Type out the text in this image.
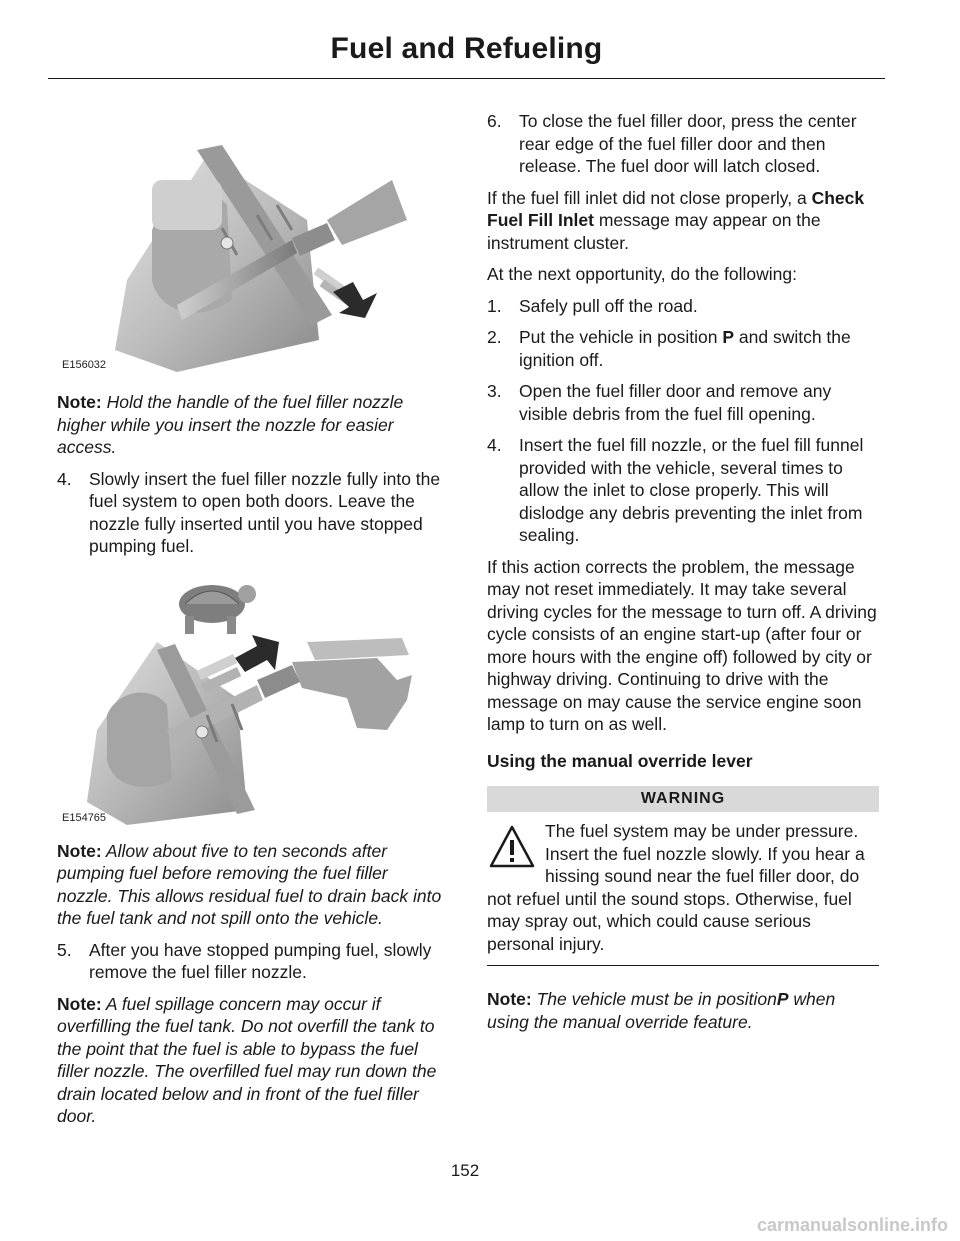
Fuel and Refueling
E156032

Note: Hold the handle of the fuel filler nozzle higher while you insert the nozzle for easier access.

4. Slowly insert the fuel filler nozzle fully into the fuel system to open both doors. Leave the nozzle fully inserted until you have stopped pumping fuel.
E154765

Note: Allow about five to ten seconds after pumping fuel before removing the fuel filler nozzle. This allows residual fuel to drain back into the fuel tank and not spill onto the vehicle.

5. After you have stopped pumping fuel, slowly remove the fuel filler nozzle.

Note: A fuel spillage concern may occur if overfilling the fuel tank. Do not overfill the tank to the point that the fuel is able to bypass the fuel filler nozzle. The overfilled fuel may run down the drain located below and in front of the fuel filler door.

6. To close the fuel filler door, press the center rear edge of the fuel filler door and then release. The fuel door will latch closed.

If the fuel fill inlet did not close properly, a Check Fuel Fill Inlet message may appear on the instrument cluster.

At the next opportunity, do the following:

1. Safely pull off the road.
2. Put the vehicle in position P and switch the ignition off.
3. Open the fuel filler door and remove any visible debris from the fuel fill opening.
4. Insert the fuel fill nozzle, or the fuel fill funnel provided with the vehicle, several times to allow the inlet to close properly. This will dislodge any debris preventing the inlet from sealing.

If this action corrects the problem, the message may not reset immediately. It may take several driving cycles for the message to turn off. A driving cycle consists of an engine start-up (after four or more hours with the engine off) followed by city or highway driving. Continuing to drive with the message on may cause the service engine soon lamp to turn on as well.

Using the manual override lever

WARNING

The fuel system may be under pressure. Insert the fuel nozzle slowly. If you hear a hissing sound near the fuel filler door, do not refuel until the sound stops. Otherwise, fuel may spray out, which could cause serious personal injury.

Note: The vehicle must be in positionP when using the manual override feature.

152
carmanualsonline.info
